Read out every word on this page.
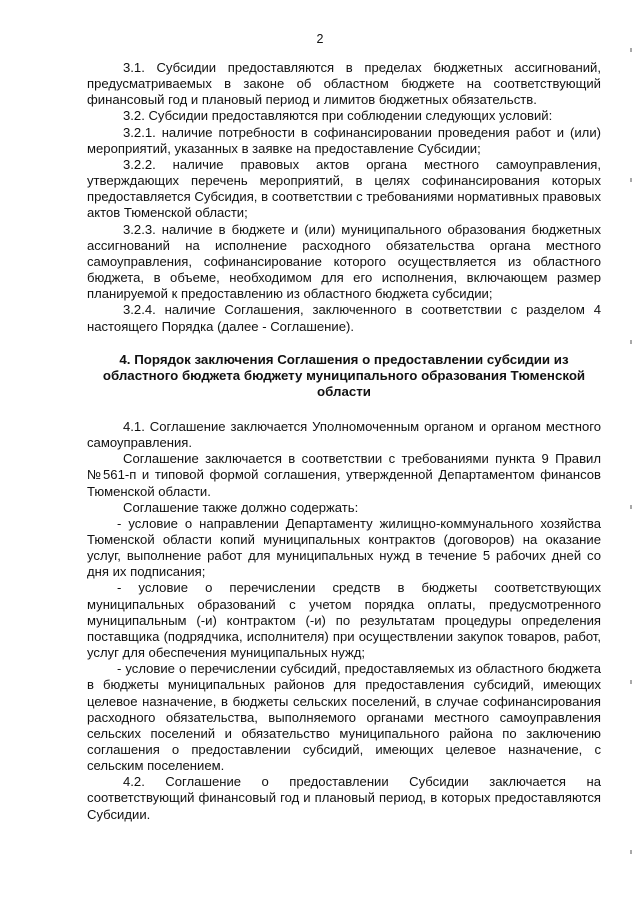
2

3.1. Субсидии предоставляются в пределах бюджетных ассигнований, предусматриваемых в законе об областном бюджете на соответствующий финансовый год и плановый период и лимитов бюджетных обязательств.

3.2. Субсидии предоставляются при соблюдении следующих условий:

3.2.1. наличие потребности в софинансировании проведения работ и (или) мероприятий, указанных в заявке на предоставление Субсидии;

3.2.2. наличие правовых актов органа местного самоуправления, утверждающих перечень мероприятий, в целях софинансирования которых предоставляется Субсидия, в соответствии с требованиями нормативных правовых актов Тюменской области;

3.2.3. наличие в бюджете и (или) муниципального образования бюджетных ассигнований на исполнение расходного обязательства органа местного самоуправления, софинансирование которого осуществляется из областного бюджета, в объеме, необходимом для его исполнения, включающем размер планируемой к предоставлению из областного бюджета субсидии;

3.2.4. наличие Соглашения, заключенного в соответствии с разделом 4 настоящего Порядка (далее - Соглашение).

4. Порядок заключения Соглашения о предоставлении субсидии из областного бюджета бюджету муниципального образования Тюменской области

4.1. Соглашение заключается Уполномоченным органом и органом местного самоуправления.

Соглашение заключается в соответствии с требованиями пункта 9 Правил №561-п и типовой формой соглашения, утвержденной Департаментом финансов Тюменской области.

Соглашение также должно содержать:

- условие о направлении Департаменту жилищно-коммунального хозяйства Тюменской области копий муниципальных контрактов (договоров) на оказание услуг, выполнение работ для муниципальных нужд в течение 5 рабочих дней со дня их подписания;

- условие о перечислении средств в бюджеты соответствующих муниципальных образований с учетом порядка оплаты, предусмотренного муниципальным (-и) контрактом (-и) по результатам процедуры определения поставщика (подрядчика, исполнителя) при осуществлении закупок товаров, работ, услуг для обеспечения муниципальных нужд;

- условие о перечислении субсидий, предоставляемых из областного бюджета в бюджеты муниципальных районов для предоставления субсидий, имеющих целевое назначение, в бюджеты сельских поселений, в случае софинансирования расходного обязательства, выполняемого органами местного самоуправления сельских поселений и обязательство муниципального района по заключению соглашения о предоставлении субсидий, имеющих целевое назначение, с сельским поселением.

4.2. Соглашение о предоставлении Субсидии заключается на соответствующий финансовый год и плановый период, в которых предоставляются Субсидии.
